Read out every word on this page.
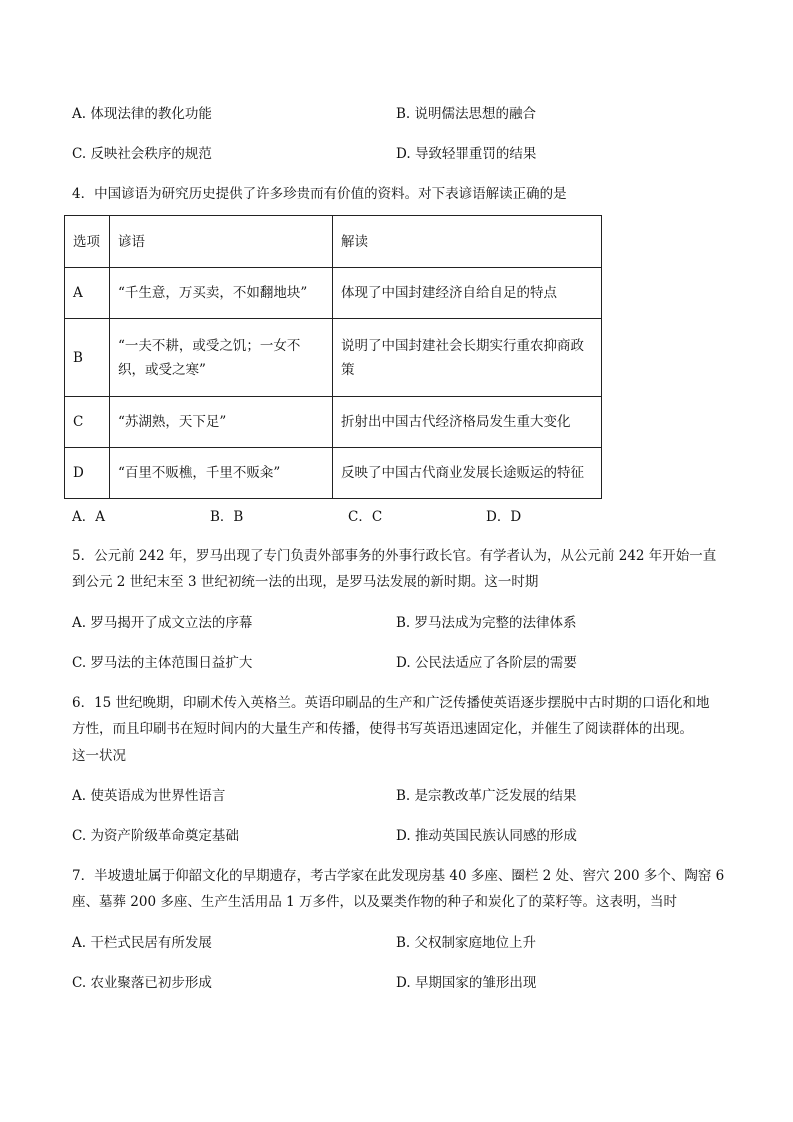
A. 体现法律的教化功能	B. 说明儒法思想的融合
C. 反映社会秩序的规范	D. 导致轻罪重罚的结果
4．中国谚语为研究历史提供了许多珍贵而有价值的资料。对下表谚语解读正确的是
选项	谚语	解读
A	“千生意，万买卖，不如翻地块”	体现了中国封建经济自给自足的特点
B	“一夫不耕，或受之饥；一女不织，或受之寒”	说明了中国封建社会长期实行重农抑商政策
C	“苏湖熟，天下足”	折射出中国古代经济格局发生重大变化
D	“百里不贩樵，千里不贩籴”	反映了中国古代商业发展长途贩运的特征
A．A	B．B	C．C	D．D
5．公元前 242 年，罗马出现了专门负责外部事务的外事行政长官。有学者认为，从公元前 242 年开始一直
到公元 2 世纪末至 3 世纪初统一法的出现，是罗马法发展的新时期。这一时期
A. 罗马揭开了成文立法的序幕	B. 罗马法成为完整的法律体系
C. 罗马法的主体范围日益扩大	D. 公民法适应了各阶层的需要
6．15 世纪晚期，印刷术传入英格兰。英语印刷品的生产和广泛传播使英语逐步摆脱中古时期的口语化和地
方性，而且印刷书在短时间内的大量生产和传播，使得书写英语迅速固定化，并催生了阅读群体的出现。
这一状况
A. 使英语成为世界性语言	B. 是宗教改革广泛发展的结果
C. 为资产阶级革命奠定基础	D. 推动英国民族认同感的形成
7．半坡遗址属于仰韶文化的早期遗存，考古学家在此发现房基 40 多座、圈栏 2 处、窖穴 200 多个、陶窑 6
座、墓葬 200 多座、生产生活用品 1 万多件，以及粟类作物的种子和炭化了的菜籽等。这表明，当时
A. 干栏式民居有所发展	B. 父权制家庭地位上升
C. 农业聚落已初步形成	D. 早期国家的雏形出现
